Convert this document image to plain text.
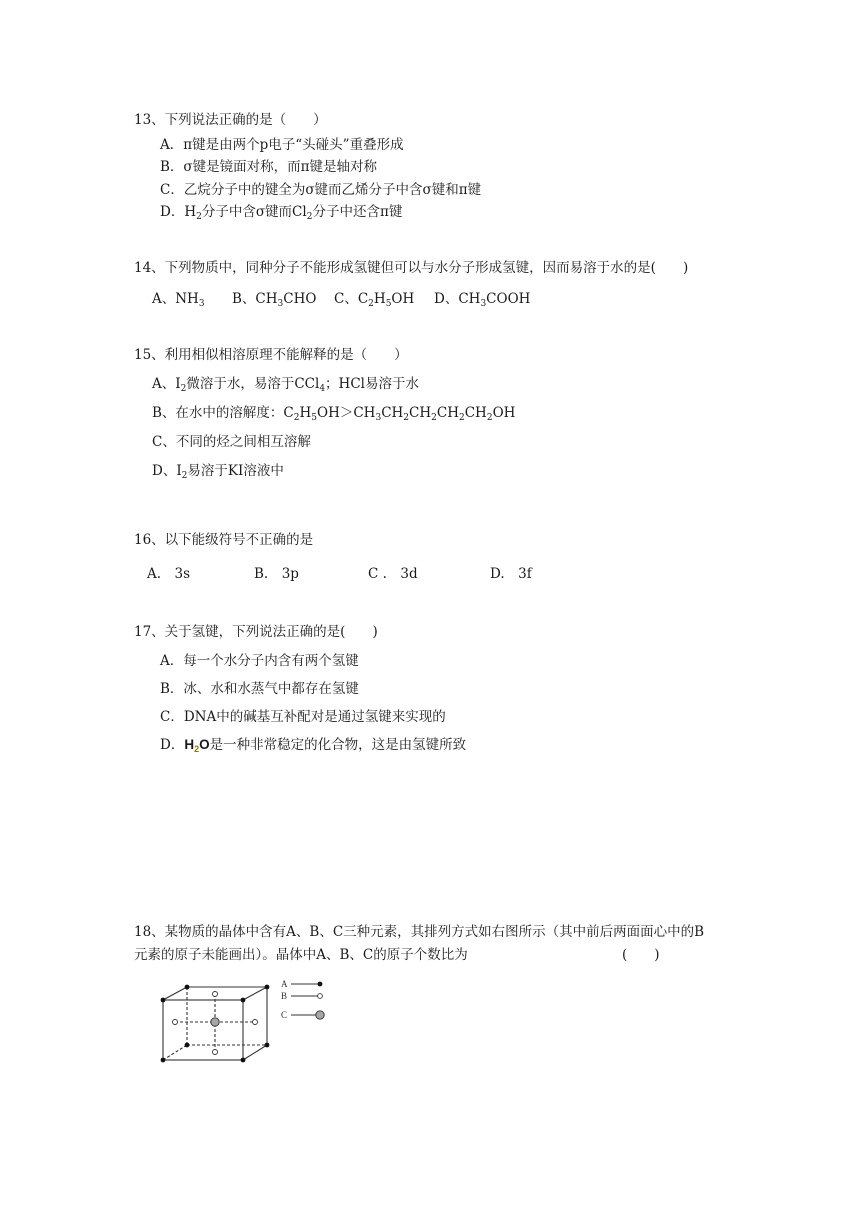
13、下列说法正确的是（　　）
A．π键是由两个p电子“头碰头”重叠形成
B．σ键是镜面对称，而π键是轴对称
C．乙烷分子中的键全为σ键而乙烯分子中含σ键和π键
D．$H_2$分子中含σ键而$Cl_2$分子中还含π键
14、下列物质中，同种分子不能形成氢键但可以与水分子形成氢键，因而易溶于水的是(　　)
A、$NH_3$ B、$CH_3CHO$ C、$C_2H_5OH$ D、$CH_3COOH$
15、利用相似相溶原理不能解释的是（　　）
A、$I_2$微溶于水，易溶于CCl$_4$；HCl易溶于水
B、在水中的溶解度：$C_2H_5OH>CH_3CH_2CH_2CH_2CH_2OH$
C、不同的烃之间相互溶解
D、$I_2$易溶于KI溶液中
16、以下能级符号不正确的是
A.　3s	B.　3p	C .　3d	D.　3f
17、关于氢键，下列说法正确的是(　　)
A．每一个水分子内含有两个氢键
B．冰、水和水蒸气中都存在氢键
C．DNA中的碱基互补配对是通过氢键来实现的
D．$H_2O$是一种非常稳定的化合物，这是由氢键所致
18、某物质的晶体中含有A、B、C三种元素，其排列方式如右图所示（其中前后两面面心中的B
元素的原子未能画出）。晶体中A、B、C的原子个数比为	(　　)
A
B
C
